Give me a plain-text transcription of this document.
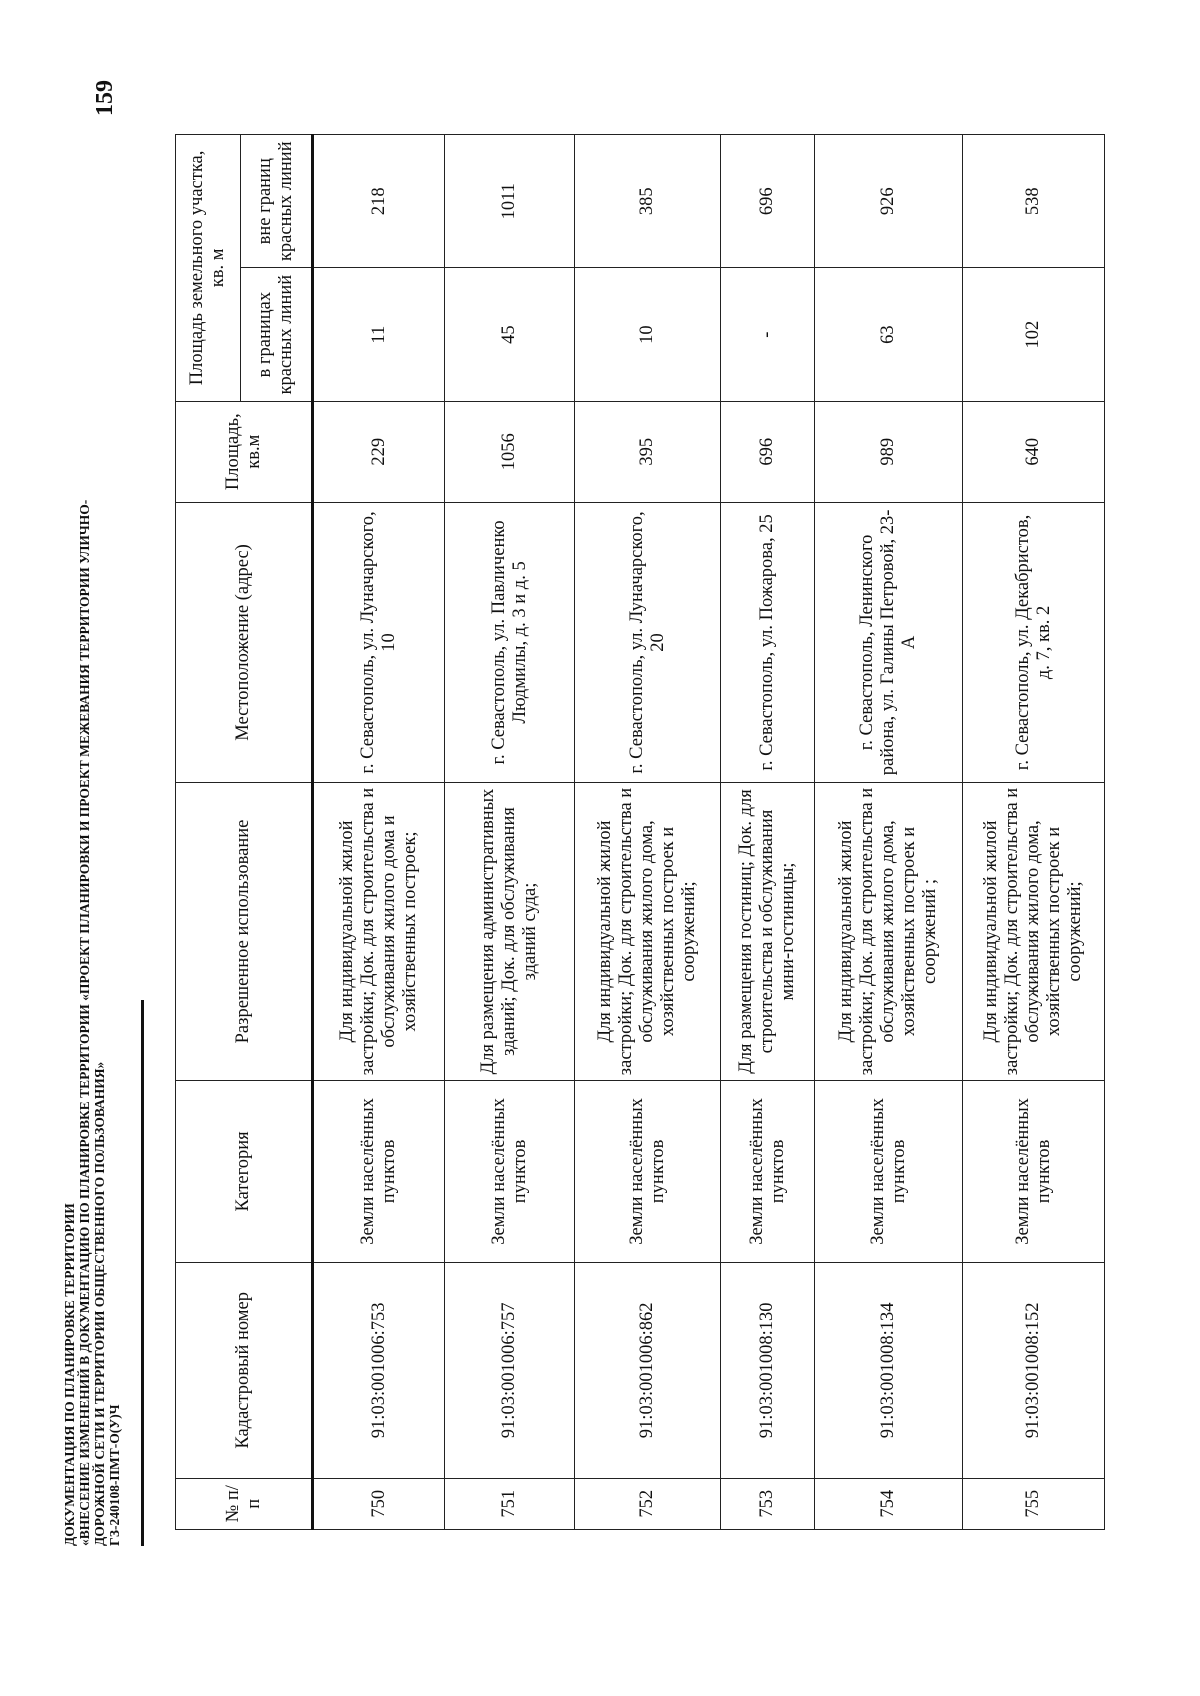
ДОКУМЕНТАЦИЯ ПО ПЛАНИРОВКЕ ТЕРРИТОРИИ «ВНЕСЕНИЕ ИЗМЕНЕНИЙ В ДОКУМЕНТАЦИЮ ПО ПЛАНИРОВКЕ ТЕРРИТОРИИ «ПРОЕКТ ПЛАНИРОВКИ И ПРОЕКТ МЕЖЕВАНИЯ ТЕРРИТОРИИ УЛИЧНО- ДОРОЖНОЙ СЕТИ И ТЕРРИТОРИИ ОБЩЕСТВЕННОГО ПОЛЬЗОВАНИЯ» ГЗ-240108-ПМТ-О(У)Ч
159
№ п/п	Кадастровый номер	Категория	Разрешенное использование	Местоположение (адрес)	Площадь, кв.м	Площадь земельного участка, кв. м	
						в границах красных линий	вне границ красных линий
750	91:03:001006:753	Земли населённых пунктов	Для индивидуальной жилой застройки; Док. для строительства и обслуживания жилого дома и хозяйственных построек;	г. Севастополь, ул. Луначарского, 10	229	11	218
751	91:03:001006:757	Земли населённых пунктов	Для размещения административных зданий; Док. для обслуживания зданий суда;	г. Севастополь, ул. Павличенко Людмилы, д. 3 и д. 5	1056	45	1011
752	91:03:001006:862	Земли населённых пунктов	Для индивидуальной жилой застройки; Док. для строительства и обслуживания жилого дома, хозяйственных построек и сооружений;	г. Севастополь, ул. Луначарского, 20	395	10	385
753	91:03:001008:130	Земли населённых пунктов	Для размещения гостиниц; Док. для строительства и обслуживания мини-гостиницы;	г. Севастополь, ул. Пожарова, 25	696	-	696
754	91:03:001008:134	Земли населённых пунктов	Для индивидуальной жилой застройки; Док. для строительства и обслуживания жилого дома, хозяйственных построек и сооружений ;	г. Севастополь, Ленинского района, ул. Галины Петровой, 23-А	989	63	926
755	91:03:001008:152	Земли населённых пунктов	Для индивидуальной жилой застройки; Док. для строительства и обслуживания жилого дома, хозяйственных построек и сооружений;	г. Севастополь, ул. Декабристов, д. 7, кв. 2	640	102	538
